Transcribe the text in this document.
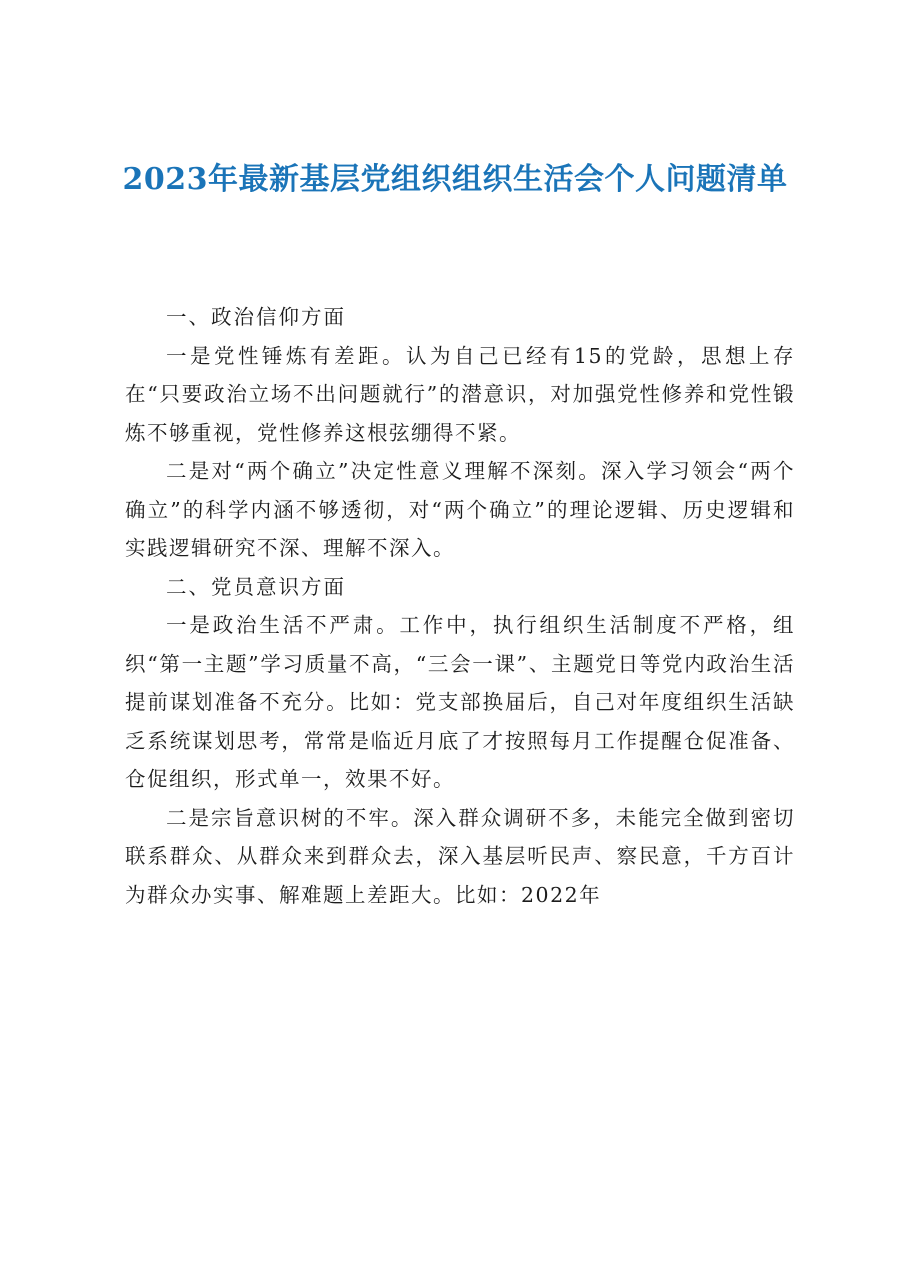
2023年最新基层党组织组织生活会个人问题清单

一、政治信仰方面

一是党性锤炼有差距。认为自己已经有15的党龄，思想上存在“只要政治立场不出问题就行”的潜意识，对加强党性修养和党性锻炼不够重视，党性修养这根弦绷得不紧。

二是对“两个确立”决定性意义理解不深刻。深入学习领会“两个确立”的科学内涵不够透彻，对“两个确立”的理论逻辑、历史逻辑和实践逻辑研究不深、理解不深入。

二、党员意识方面

一是政治生活不严肃。工作中，执行组织生活制度不严格，组织“第一主题”学习质量不高，“三会一课”、主题党日等党内政治生活提前谋划准备不充分。比如：党支部换届后，自己对年度组织生活缺乏系统谋划思考，常常是临近月底了才按照每月工作提醒仓促准备、仓促组织，形式单一，效果不好。

二是宗旨意识树的不牢。深入群众调研不多，未能完全做到密切联系群众、从群众来到群众去，深入基层听民声、察民意，千方百计为群众办实事、解难题上差距大。比如：2022年
